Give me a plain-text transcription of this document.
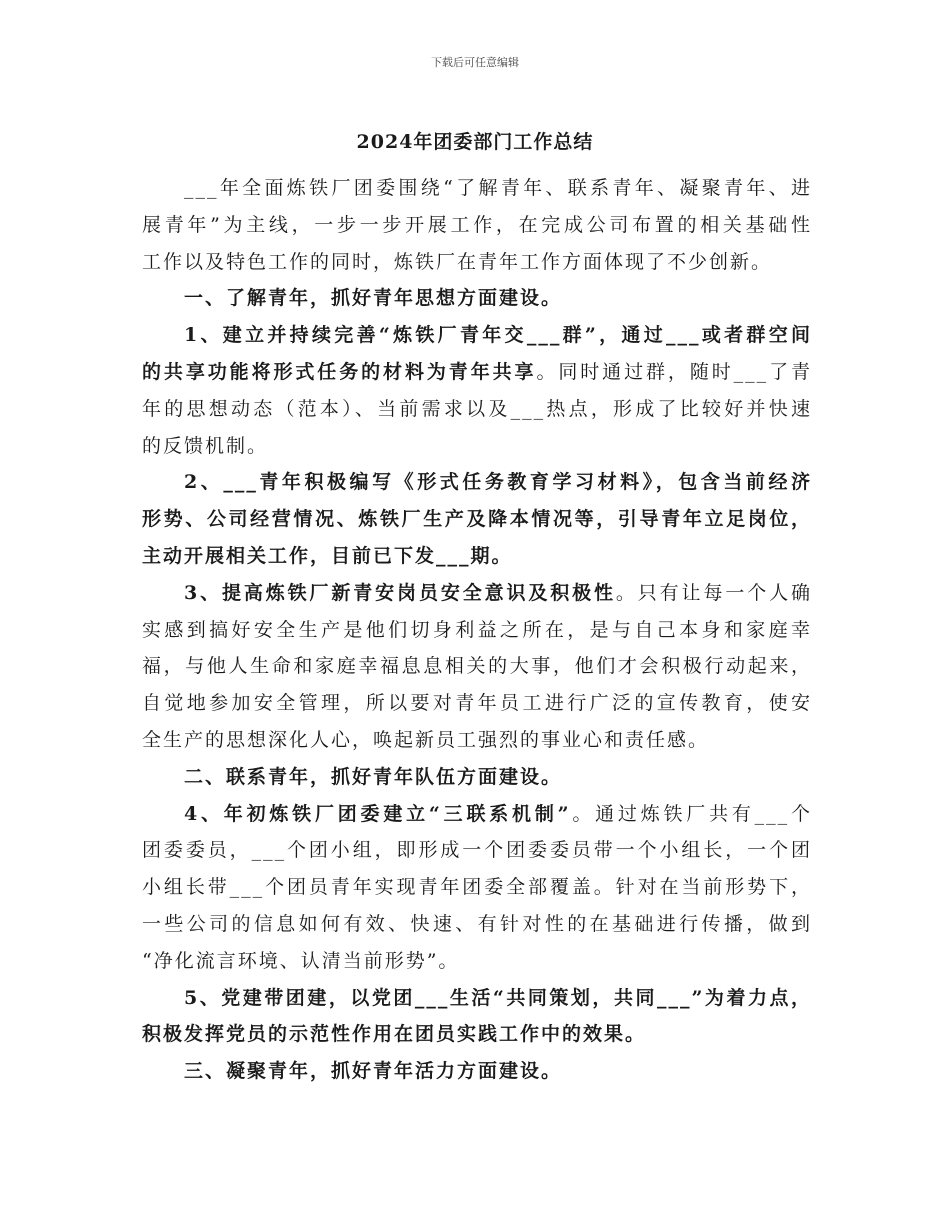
下载后可任意编辑
2024年团委部门工作总结
___年全面炼铁厂团委围绕“了解青年、联系青年、凝聚青年、进
展青年”为主线，一步一步开展工作，在完成公司布置的相关基础性
工作以及特色工作的同时，炼铁厂在青年工作方面体现了不少创新。
一、了解青年，抓好青年思想方面建设。
1、建立并持续完善“炼铁厂青年交___群”，通过___或者群空间
的共享功能将形式任务的材料为青年共享。同时通过群，随时___了青
年的思想动态（范本）、当前需求以及___热点，形成了比较好并快速
的反馈机制。
2、___青年积极编写《形式任务教育学习材料》，包含当前经济
形势、公司经营情况、炼铁厂生产及降本情况等，引导青年立足岗位，
主动开展相关工作，目前已下发___期。
3、提高炼铁厂新青安岗员安全意识及积极性。只有让每一个人确
实感到搞好安全生产是他们切身利益之所在，是与自己本身和家庭幸
福，与他人生命和家庭幸福息息相关的大事，他们才会积极行动起来，
自觉地参加安全管理，所以要对青年员工进行广泛的宣传教育，使安
全生产的思想深化人心，唤起新员工强烈的事业心和责任感。
二、联系青年，抓好青年队伍方面建设。
4、年初炼铁厂团委建立“三联系机制”。通过炼铁厂共有___个
团委委员，___个团小组，即形成一个团委委员带一个小组长，一个团
小组长带___个团员青年实现青年团委全部覆盖。针对在当前形势下，
一些公司的信息如何有效、快速、有针对性的在基础进行传播，做到
“净化流言环境、认清当前形势”。
5、党建带团建，以党团___生活“共同策划，共同___”为着力点，
积极发挥党员的示范性作用在团员实践工作中的效果。
三、凝聚青年，抓好青年活力方面建设。
